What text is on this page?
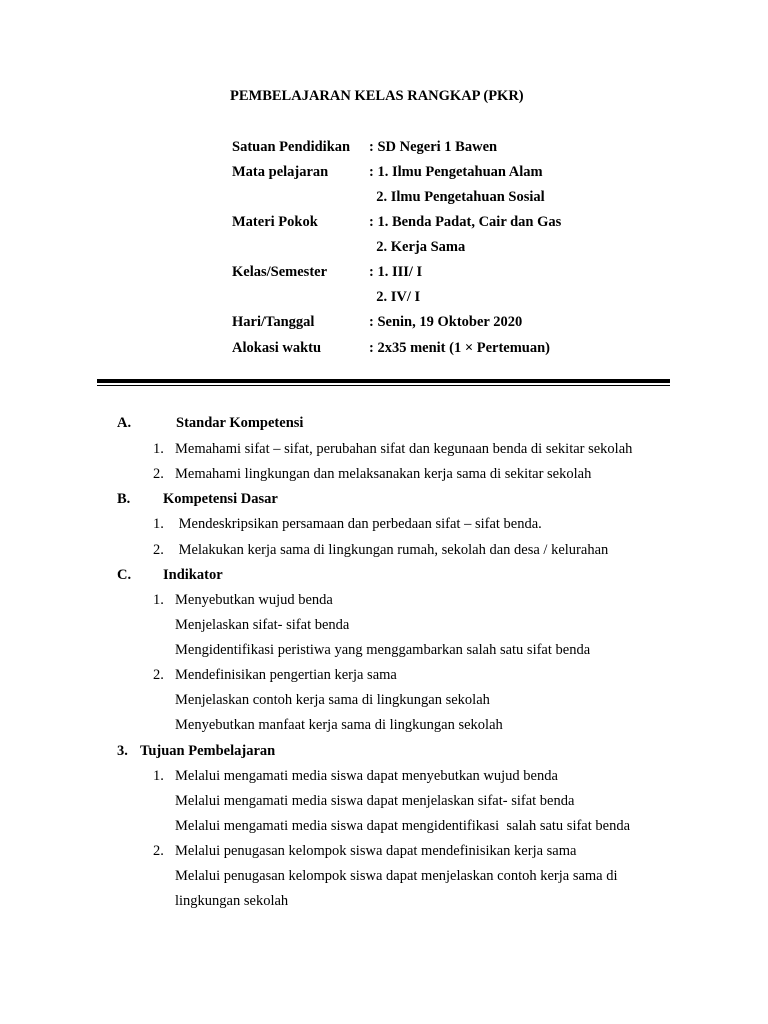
PEMBELAJARAN KELAS RANGKAP (PKR)
Satuan Pendidikan : SD Negeri 1 Bawen
Mata pelajaran	: 1. Ilmu Pengetahuan Alam
2. Ilmu Pengetahuan Sosial
Materi Pokok	: 1. Benda Padat, Cair dan Gas
2. Kerja Sama
Kelas/Semester	: 1. III/ I
2. IV/ I
Hari/Tanggal	: Senin, 19 Oktober 2020
Alokasi waktu	: 2x35 menit (1 × Pertemuan)
A.	Standar Kompetensi
1. Memahami sifat – sifat, perubahan sifat dan kegunaan benda di sekitar sekolah
2. Memahami lingkungan dan melaksanakan kerja sama di sekitar sekolah
B. Kompetensi Dasar
1. Mendeskripsikan persamaan dan perbedaan sifat – sifat benda.
2. Melakukan kerja sama di lingkungan rumah, sekolah dan desa / kelurahan
C. Indikator
1. Menyebutkan wujud benda
Menjelaskan sifat- sifat benda
Mengidentifikasi peristiwa yang menggambarkan salah satu sifat benda
2. Mendefinisikan pengertian kerja sama
Menjelaskan contoh kerja sama di lingkungan sekolah
Menyebutkan manfaat kerja sama di lingkungan sekolah
3. Tujuan Pembelajaran
1. Melalui mengamati media siswa dapat menyebutkan wujud benda
Melalui mengamati media siswa dapat menjelaskan sifat- sifat benda
Melalui mengamati media siswa dapat mengidentifikasi  salah satu sifat benda
2. Melalui penugasan kelompok siswa dapat mendefinisikan kerja sama
Melalui penugasan kelompok siswa dapat menjelaskan contoh kerja sama di
lingkungan sekolah
